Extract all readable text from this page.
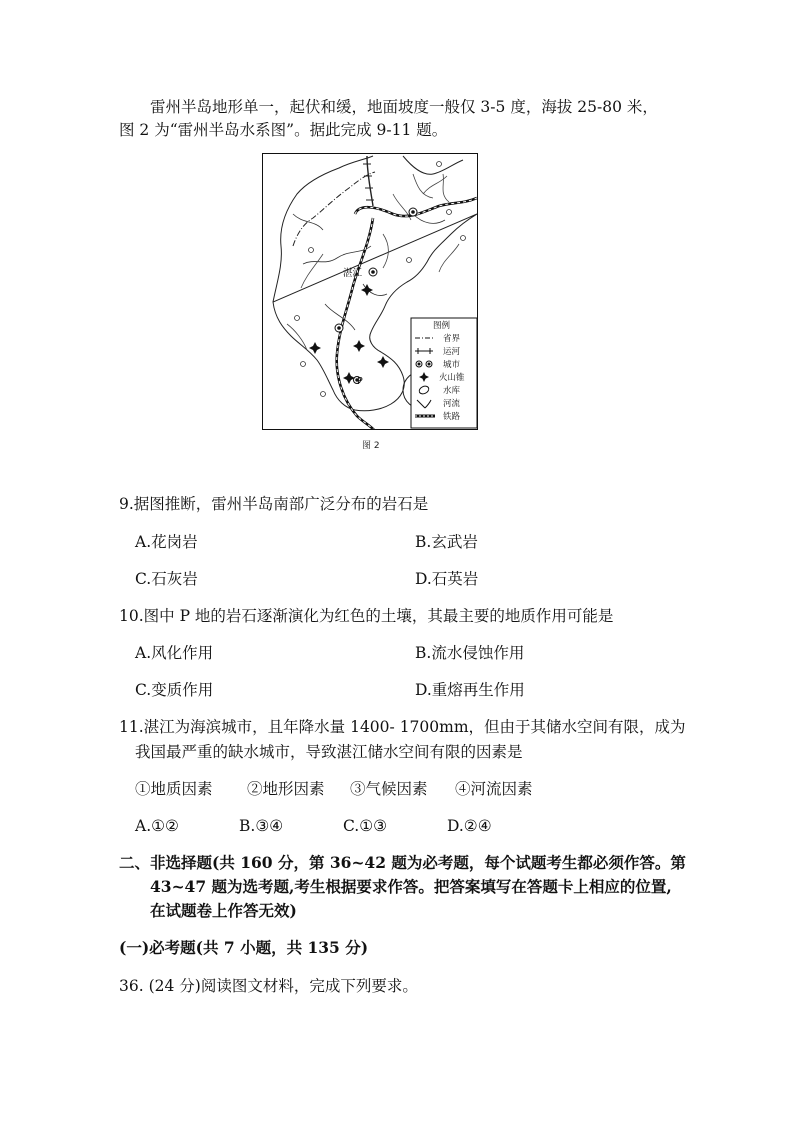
雷州半岛地形单一，起伏和缓，地面坡度一般仅 3-5 度，海拔 25-80 米，
图 2 为“雷州半岛水系图”。据此完成 9-11 题。
湛江
P
图例
省界
运河
城市
火山锥
水库
河流
铁路
图 2
9.据图推断，雷州半岛南部广泛分布的岩石是
A.花岗岩	B.玄武岩
C.石灰岩	D.石英岩
10.图中 P 地的岩石逐渐演化为红色的土壤，其最主要的地质作用可能是
A.风化作用	B.流水侵蚀作用
C.变质作用	D.重熔再生作用
11.湛江为海滨城市，且年降水量 1400- 1700mm，但由于其储水空间有限，成为
我国最严重的缺水城市，导致湛江储水空间有限的因素是
①地质因素 ②地形因素 ③气候因素 ④河流因素
A.①②	B.③④	C.①③	D.②④
二、非选择题(共 160 分，第 36~42 题为必考题，每个试题考生都必须作答。第
43~47 题为选考题,考生根据要求作答。把答案填写在答题卡上相应的位置,
在试题卷上作答无效)
(一)必考题(共 7 小题，共 135 分)
36. (24 分)阅读图文材料，完成下列要求。
